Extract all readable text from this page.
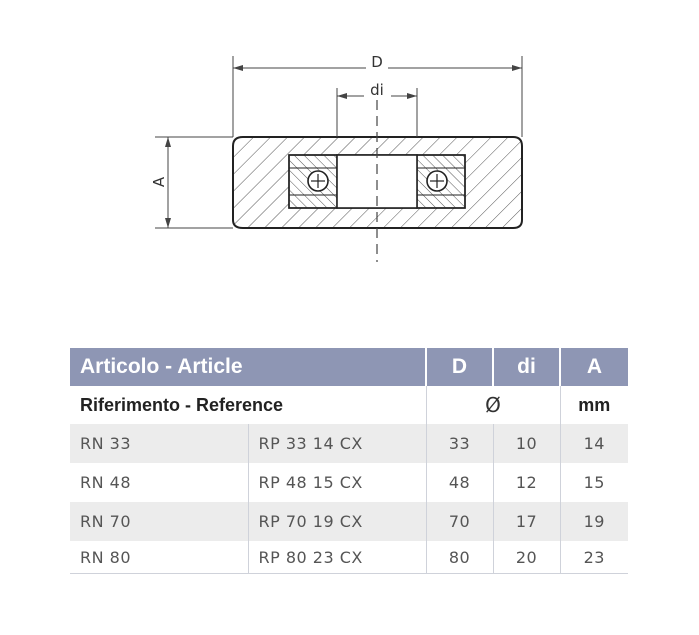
D
di
A
Articolo - Article		D	di	A
Riferimento - Reference		Ø		mm
RN 33	RP 33 14 CX	33	10	14
RN 48	RP 48 15 CX	48	12	15
RN 70	RP 70 19 CX	70	17	19
RN 80	RP 80 23 CX	80	20	23
